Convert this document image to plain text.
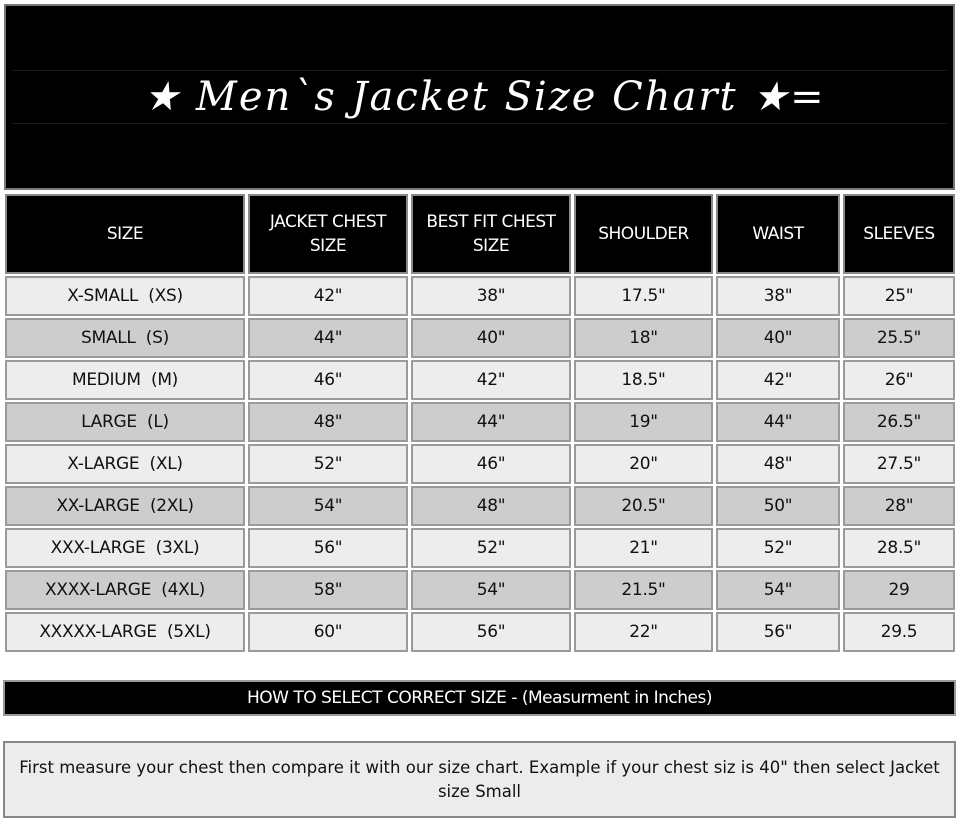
★ Men`s Jacket Size Chart ★=
SIZE	JACKET CHEST SIZE	BEST FIT CHEST SIZE	SHOULDER	WAIST	SLEEVES
X-SMALL  (XS)	42"	38"	17.5"	38"	25"
SMALL  (S)	44"	40"	18"	40"	25.5"
MEDIUM  (M)	46"	42"	18.5"	42"	26"
LARGE  (L)	48"	44"	19"	44"	26.5"
X-LARGE  (XL)	52"	46"	20"	48"	27.5"
XX-LARGE  (2XL)	54"	48"	20.5"	50"	28"
XXX-LARGE  (3XL)	56"	52"	21"	52"	28.5"
XXXX-LARGE  (4XL)	58"	54"	21.5"	54"	29
XXXXX-LARGE  (5XL)	60"	56"	22"	56"	29.5
HOW TO SELECT CORRECT SIZE - (Measurment in Inches)
First measure your chest then compare it with our size chart. Example if your chest siz is 40" then select Jacket size Small
